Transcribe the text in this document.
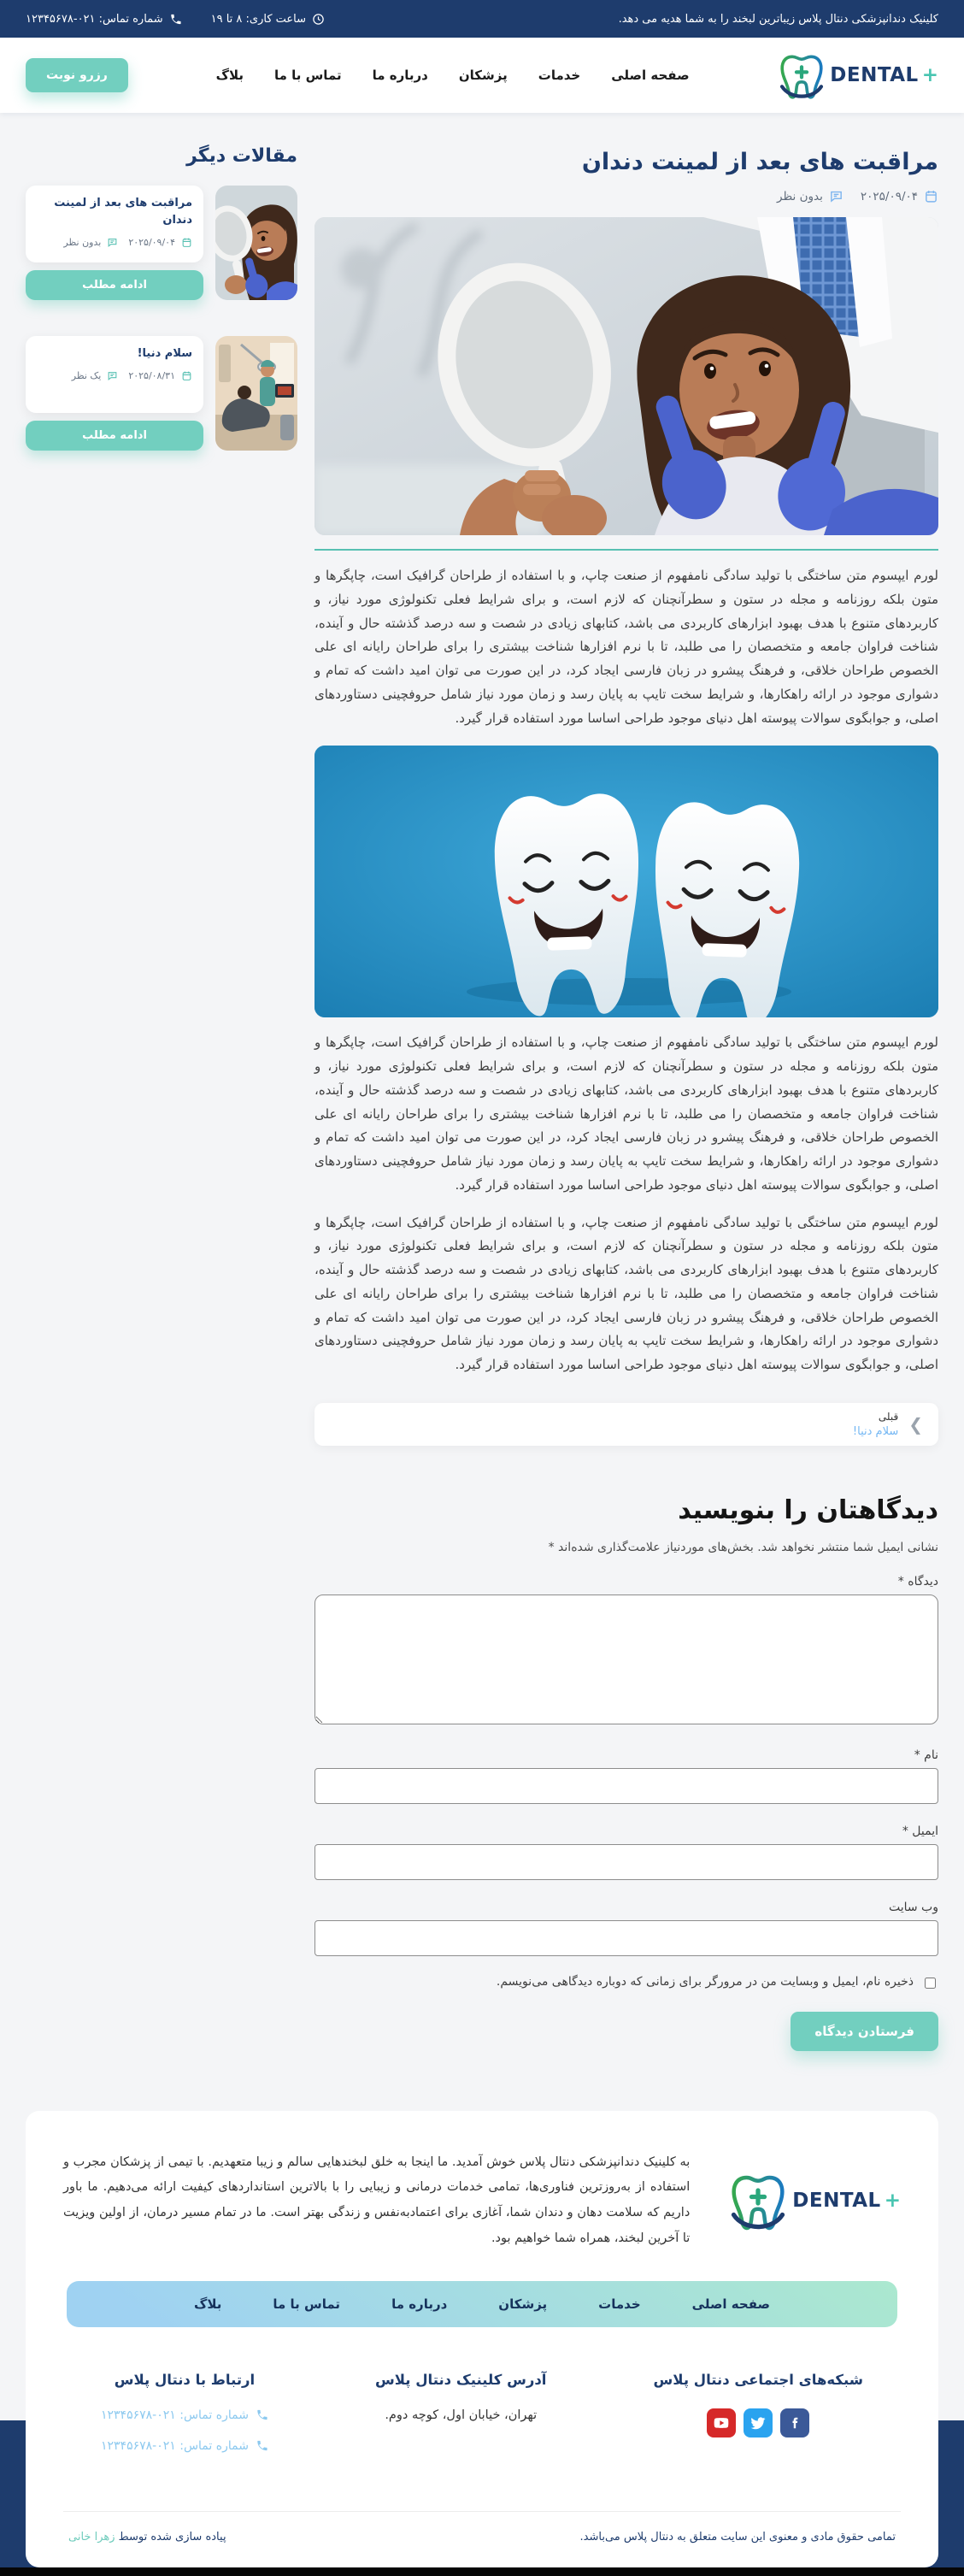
کلینیک دندانپزشکی دنتال پلاس زیباترین لبخند را به شما هدیه می دهد.
ساعت کاری: ۸ تا ۱۹
شماره تماس: ۰۲۱-۱۲۳۴۵۶۷۸
DENTAL +
صفحه اصلی
خدمات
پزشکان
درباره ما
تماس با ما
بلاگ
رزرو نوبت
مراقبت های بعد از لمینت دندان
۲۰۲۵/۰۹/۰۴
بدون نظر

لورم ایپسوم متن ساختگی با تولید سادگی نامفهوم از صنعت چاپ، و با استفاده از طراحان گرافیک است، چاپگرها و متون بلکه روزنامه و مجله در ستون و سطرآنچنان که لازم است، و برای شرایط فعلی تکنولوژی مورد نیاز، و کاربردهای متنوع با هدف بهبود ابزارهای کاربردی می باشد، کتابهای زیادی در شصت و سه درصد گذشته حال و آینده، شناخت فراوان جامعه و متخصصان را می طلبد، تا با نرم افزارها شناخت بیشتری را برای طراحان رایانه ای علی الخصوص طراحان خلاقی، و فرهنگ پیشرو در زبان فارسی ایجاد کرد، در این صورت می توان امید داشت که تمام و دشواری موجود در ارائه راهکارها، و شرایط سخت تایپ به پایان رسد و زمان مورد نیاز شامل حروفچینی دستاوردهای اصلی، و جوابگوی سوالات پیوسته اهل دنیای موجود طراحی اساسا مورد استفاده قرار گیرد.

لورم ایپسوم متن ساختگی با تولید سادگی نامفهوم از صنعت چاپ، و با استفاده از طراحان گرافیک است، چاپگرها و متون بلکه روزنامه و مجله در ستون و سطرآنچنان که لازم است، و برای شرایط فعلی تکنولوژی مورد نیاز، و کاربردهای متنوع با هدف بهبود ابزارهای کاربردی می باشد، کتابهای زیادی در شصت و سه درصد گذشته حال و آینده، شناخت فراوان جامعه و متخصصان را می طلبد، تا با نرم افزارها شناخت بیشتری را برای طراحان رایانه ای علی الخصوص طراحان خلاقی، و فرهنگ پیشرو در زبان فارسی ایجاد کرد، در این صورت می توان امید داشت که تمام و دشواری موجود در ارائه راهکارها، و شرایط سخت تایپ به پایان رسد و زمان مورد نیاز شامل حروفچینی دستاوردهای اصلی، و جوابگوی سوالات پیوسته اهل دنیای موجود طراحی اساسا مورد استفاده قرار گیرد.

لورم ایپسوم متن ساختگی با تولید سادگی نامفهوم از صنعت چاپ، و با استفاده از طراحان گرافیک است، چاپگرها و متون بلکه روزنامه و مجله در ستون و سطرآنچنان که لازم است، و برای شرایط فعلی تکنولوژی مورد نیاز، و کاربردهای متنوع با هدف بهبود ابزارهای کاربردی می باشد، کتابهای زیادی در شصت و سه درصد گذشته حال و آینده، شناخت فراوان جامعه و متخصصان را می طلبد، تا با نرم افزارها شناخت بیشتری را برای طراحان رایانه ای علی الخصوص طراحان خلاقی، و فرهنگ پیشرو در زبان فارسی ایجاد کرد، در این صورت می توان امید داشت که تمام و دشواری موجود در ارائه راهکارها، و شرایط سخت تایپ به پایان رسد و زمان مورد نیاز شامل حروفچینی دستاوردهای اصلی، و جوابگوی سوالات پیوسته اهل دنیای موجود طراحی اساسا مورد استفاده قرار گیرد.

❯
قبلی
سلام دنیا!
دیدگاهتان را بنویسید
نشانی ایمیل شما منتشر نخواهد شد. بخش‌های موردنیاز علامت‌گذاری شده‌اند *
دیدگاه *
نام *
ایمیل *
وب‌ سایت
ذخیره نام، ایمیل و وبسایت من در مرورگر برای زمانی که دوباره دیدگاهی می‌نویسم.
فرستادن دیدگاه
مقالات دیگر

مراقبت های بعد از لمینت دندان

۲۰۲۵/۰۹/۰۴
بدون نظر
ادامه مطلب

سلام دنیا!

۲۰۲۵/۰۸/۳۱
یک نظر
ادامه مطلب
DENTAL +

به کلینیک دندانپزشکی دنتال پلاس خوش آمدید. ما اینجا به خلق لبخندهایی سالم و زیبا متعهدیم. با تیمی از پزشکان مجرب و استفاده از به‌روزترین فناوری‌ها، تمامی خدمات درمانی و زیبایی را با بالاترین استانداردهای کیفیت ارائه می‌دهیم. ما باور داریم که سلامت دهان و دندان شما، آغازی برای اعتمادبه‌نفس و زندگی بهتر است. ما در تمام مسیر درمان، از اولین ویزیت تا آخرین لبخند، همراه شما خواهیم بود.

صفحه اصلی
خدمات
پزشکان
درباره ما
تماس با ما
بلاگ
شبکه‌های اجتماعی دنتال پلاس
آدرس کلینیک دنتال پلاس

تهران، خیابان اول، کوچه دوم.

ارتباط با دنتال پلاس
شماره تماس: ۰۲۱-۱۲۳۴۵۶۷۸
شماره تماس: ۰۲۱-۱۲۳۴۵۶۷۸
تمامی حقوق مادی و معنوی این سایت متعلق به دنتال پلاس می‌باشد.
پیاده سازی شده توسط زهرا خانی
